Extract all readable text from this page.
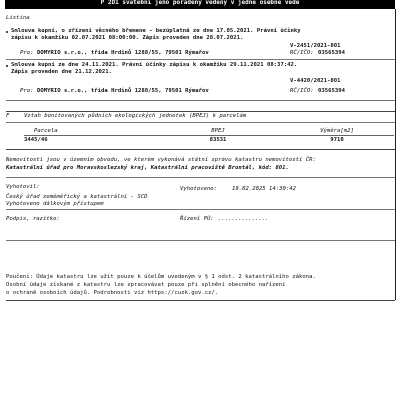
P 2D1 svatebni jeno poradeny vedeny v jedne osebne vede
Listina
Smlouva kupní, o zřízení věcného břemene - bezúplatná ze dne 17.05.2021. Právní účinky
zápisu k okamžiku 02.07.2021 08:00:00. Zápis proveden dne 28.07.2021.
V-2451/2021-801
Pro: DOMYRIO s.r.o., třída Hrdinů 1288/55, 79501 Rýmařov	RČ/IČO: 03565394
Smlouva kupní ze dne 24.11.2021. Právní účinky zápisu k okamžiku 29.11.2021 08:37:42.
Zápis proveden dne 21.12.2021.
V-4420/2021-801
Pro: DOMYRIO s.r.o., třída Hrdinů 1288/55, 79501 Rýmařov	RČ/IČO: 03565394
F	Vztah bonitovaných půdních ekologických jednotek (BPEJ) k parcelám
Parcela	BPEJ	Výměra[m2]
3445/46	83531	9710
Nemovitosti jsou v územním obvodu, ve kterém vykonává státní správu katastru nemovitostí ČR:
Katastrální úřad pro Moravskoslezský kraj, Katastrální pracoviště Bruntál, kód: 801.
Vyhotovil:	Vyhotoveno:	19.02.2025 14:30:42
Český úřad zeměměřický a katastrální - SCD
Vyhotoveno dálkovým přístupem
Podpis, razítko:	Řízení PÚ: ...............
Poučení: Údaje katastru lze užít pouze k účelům uvedeným v § 1 odst. 2 katastrálního zákona.
Osobní údaje získané z katastru lze zpracovávat pouze při splnění obecného nařízení
o ochraně osobních údajů. Podrobnosti viz https://cuzk.gov.cz/.
